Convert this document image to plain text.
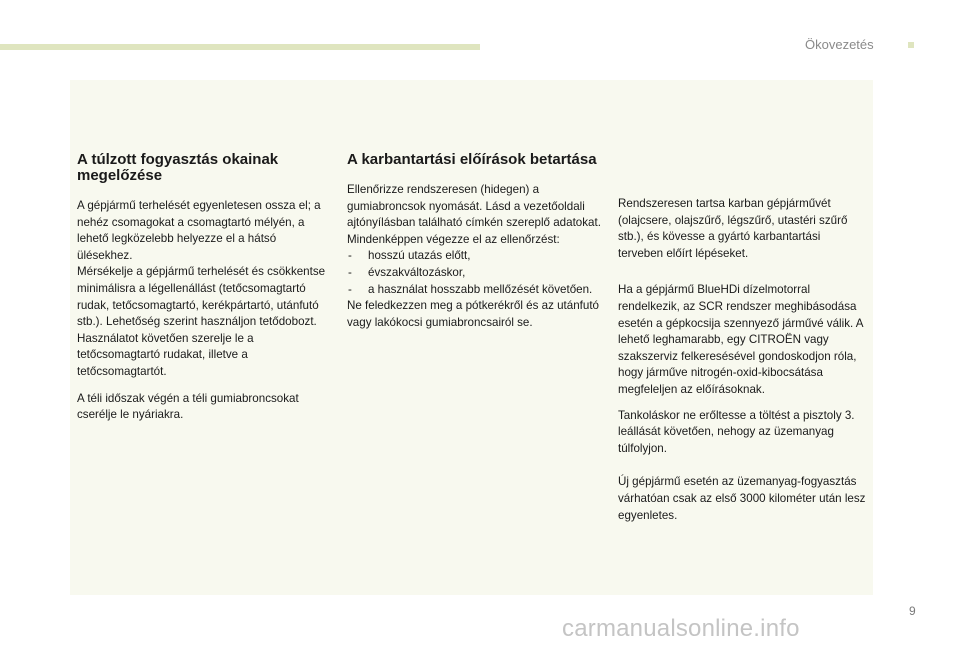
Ökovezetés
A túlzott fogyasztás okainak megelőzése

A gépjármű terhelését egyenletesen ossza el; a nehéz csomagokat a csomagtartó mélyén, a lehető legközelebb helyezze el a hátsó ülésekhez.
Mérsékelje a gépjármű terhelését és csökkentse minimálisra a légellenállást (tetőcsomagtartó rudak, tetőcsomagtartó, kerékpártartó, utánfutó stb.). Lehetőség szerint használjon tetődobozt.
Használatot követően szerelje le a tetőcsomagtartó rudakat, illetve a tetőcsomagtartót.

A téli időszak végén a téli gumiabroncsokat cserélje le nyáriakra.

A karbantartási előírások betartása

Ellenőrizze rendszeresen (hidegen) a gumiabroncsok nyomását. Lásd a vezetőoldali ajtónyílásban található címkén szereplő adatokat.
Mindenképpen végezze el az ellenőrzést:

- hosszú utazás előtt,
- évszakváltozáskor,
- a használat hosszabb mellőzését követően.

Ne feledkezzen meg a pótkerékről és az utánfutó vagy lakókocsi gumiabroncsairól se.

Rendszeresen tartsa karban gépjárművét (olajcsere, olajszűrő, légszűrő, utastéri szűrő stb.), és kövesse a gyártó karbantartási terveben előírt lépéseket.

Ha a gépjármű BlueHDi dízelmotorral rendelkezik, az SCR rendszer meghibásodása esetén a gépkocsija szennyező járművé válik. A lehető leghamarabb, egy CITROËN vagy szakszerviz felkeresésével gondoskodjon róla, hogy járműve nitrogén-oxid-kibocsátása megfeleljen az előírásoknak.

Tankoláskor ne erőltesse a töltést a pisztoly 3. leállását követően, nehogy az üzemanyag túlfolyjon.

Új gépjármű esetén az üzemanyag-fogyasztás várhatóan csak az első 3000 kilométer után lesz egyenletes.

9
carmanualsonline.info
